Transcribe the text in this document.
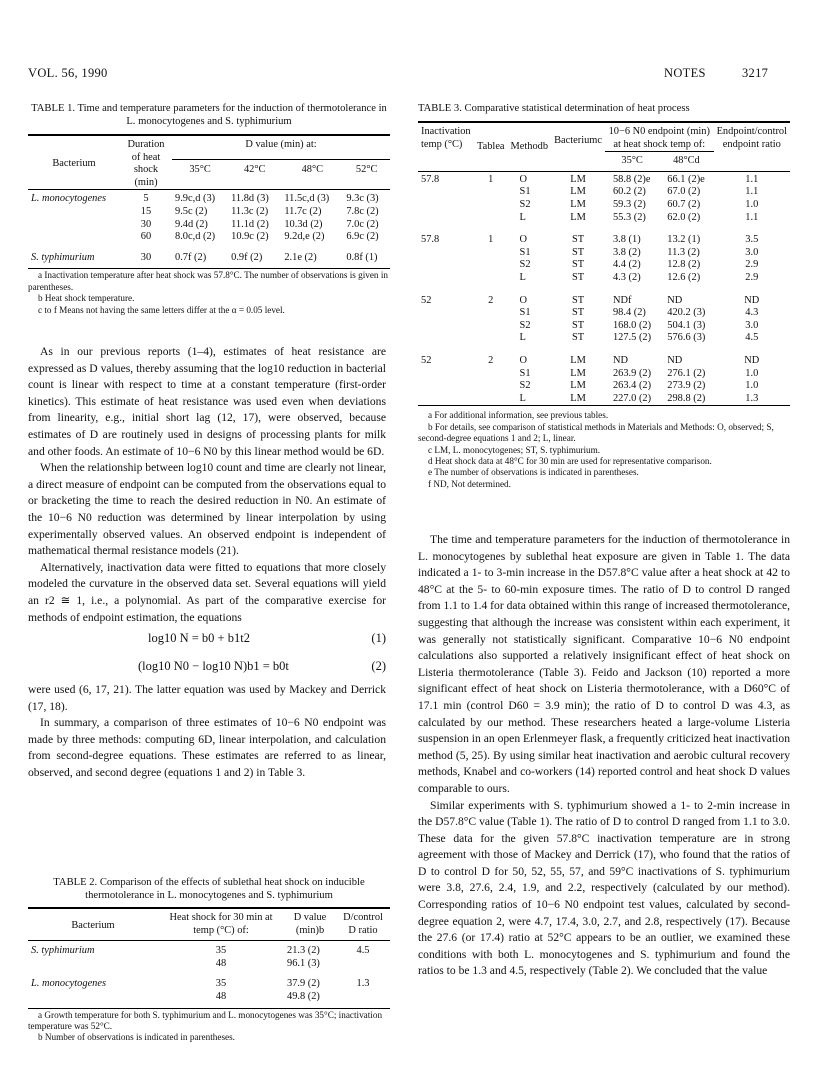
VOL. 56, 1990	NOTES	3217
TABLE 1. Time and temperature parameters for the induction of thermotolerance in L. monocytogenes and S. typhimurium
Bacterium	Duration of heat shock (min)	D value (min) at:			
		35°C	42°C	48°C	52°C
L. monocytogenes	5	9.9c,d (3)	11.8d (3)	11.5c,d (3)	9.3c (3)
	15	9.5c (2)	11.3c (2)	11.7c (2)	7.8c (2)
	30	9.4d (2)	11.1d (2)	10.3d (2)	7.0c (2)
	60	8.0c,d (2)	10.9c (2)	9.2d,e (2)	6.9c (2)
S. typhimurium	30	0.7f (2)	0.9f (2)	2.1e (2)	0.8f (1)

a Inactivation temperature after heat shock was 57.8°C. The number of observations is given in parentheses.

b Heat shock temperature.

c to f Means not having the same letters differ at the α = 0.05 level.

As in our previous reports (1–4), estimates of heat resistance are expressed as D values, thereby assuming that the log10 reduction in bacterial count is linear with respect to time at a constant temperature (first-order kinetics). This estimate of heat resistance was used even when deviations from linearity, e.g., initial short lag (12, 17), were observed, because estimates of D are routinely used in designs of processing plants for milk and other foods. An estimate of 10−6 N0 by this linear method would be 6D.

When the relationship between log10 count and time are clearly not linear, a direct measure of endpoint can be computed from the observations equal to or bracketing the time to reach the desired reduction in N0. An estimate of the 10−6 N0 reduction was determined by linear interpolation by using experimentally observed values. An observed endpoint is independent of mathematical thermal resistance models (21).

Alternatively, inactivation data were fitted to equations that more closely modeled the curvature in the observed data set. Several equations will yield an r2 ≅ 1, i.e., a polynomial. As part of the comparative exercise for methods of endpoint estimation, the equations

log10 N = b0 + b1t2	(1)
(log10 N0 − log10 N)b1 = b0t	(2)

were used (6, 17, 21). The latter equation was used by Mackey and Derrick (17, 18).

In summary, a comparison of three estimates of 10−6 N0 endpoint was made by three methods: computing 6D, linear interpolation, and calculation from second-degree equations. These estimates are referred to as linear, observed, and second degree (equations 1 and 2) in Table 3.

TABLE 2. Comparison of the effects of sublethal heat shock on inducible thermotolerance in L. monocytogenes and S. typhimurium
Bacterium	Heat shock for 30 min at temp (°C) of:	D value (min)b	D/control D ratio
S. typhimurium	35	21.3 (2)	4.5
	48	96.1 (3)	
L. monocytogenes	35	37.9 (2)	1.3
	48	49.8 (2)	

a Growth temperature for both S. typhimurium and L. monocytogenes was 35°C; inactivation temperature was 52°C.

b Number of observations is indicated in parentheses.

TABLE 3. Comparative statistical determination of heat process
Inactivation temp (°C)	Tablea	Methodb	Bacteriumc	10−6 N0 endpoint (min) at heat shock temp of:		Endpoint/control endpoint ratio
				35°C	48°Cd	

57.8	1	O	LM	58.8 (2)e	66.1 (2)e	1.1
		S1	LM	60.2 (2)	67.0 (2)	1.1
		S2	LM	59.3 (2)	60.7 (2)	1.0
		L	LM	55.3 (2)	62.0 (2)	1.1
57.8	1	O	ST	3.8 (1)	13.2 (1)	3.5
		S1	ST	3.8 (2)	11.3 (2)	3.0
		S2	ST	4.4 (2)	12.8 (2)	2.9
		L	ST	4.3 (2)	12.6 (2)	2.9
52	2	O	ST	NDf	ND	ND
		S1	ST	98.4 (2)	420.2 (3)	4.3
		S2	ST	168.0 (2)	504.1 (3)	3.0
		L	ST	127.5 (2)	576.6 (3)	4.5
52	2	O	LM	ND	ND	ND
		S1	LM	263.9 (2)	276.1 (2)	1.0
		S2	LM	263.4 (2)	273.9 (2)	1.0
		L	LM	227.0 (2)	298.8 (2)	1.3

a For additional information, see previous tables.

b For details, see comparison of statistical methods in Materials and Methods: O, observed; S, second-degree equations 1 and 2; L, linear.

c LM, L. monocytogenes; ST, S. typhimurium.

d Heat shock data at 48°C for 30 min are used for representative comparison.

e The number of observations is indicated in parentheses.

f ND, Not determined.

The time and temperature parameters for the induction of thermotolerance in L. monocytogenes by sublethal heat exposure are given in Table 1. The data indicated a 1- to 3-min increase in the D57.8°C value after a heat shock at 42 to 48°C at the 5- to 60-min exposure times. The ratio of D to control D ranged from 1.1 to 1.4 for data obtained within this range of increased thermotolerance, suggesting that although the increase was consistent within each experiment, it was generally not statistically significant. Comparative 10−6 N0 endpoint calculations also supported a relatively insignificant effect of heat shock on Listeria thermotolerance (Table 3). Feido and Jackson (10) reported a more significant effect of heat shock on Listeria thermotolerance, with a D60°C of 17.1 min (control D60 = 3.9 min); the ratio of D to control D was 4.3, as calculated by our method. These researchers heated a large-volume Listeria suspension in an open Erlenmeyer flask, a frequently criticized heat inactivation method (5, 25). By using similar heat inactivation and aerobic cultural recovery methods, Knabel and co-workers (14) reported control and heat shock D values comparable to ours.

Similar experiments with S. typhimurium showed a 1- to 2-min increase in the D57.8°C value (Table 1). The ratio of D to control D ranged from 1.1 to 3.0. These data for the given 57.8°C inactivation temperature are in strong agreement with those of Mackey and Derrick (17), who found that the ratios of D to control D for 50, 52, 55, 57, and 59°C inactivations of S. typhimurium were 3.8, 27.6, 2.4, 1.9, and 2.2, respectively (calculated by our method). Corresponding ratios of 10−6 N0 endpoint test values, calculated by second-degree equation 2, were 4.7, 17.4, 3.0, 2.7, and 2.8, respectively (17). Because the 27.6 (or 17.4) ratio at 52°C appears to be an outlier, we examined these conditions with both L. monocytogenes and S. typhimurium and found the ratios to be 1.3 and 4.5, respectively (Table 2). We concluded that the value
